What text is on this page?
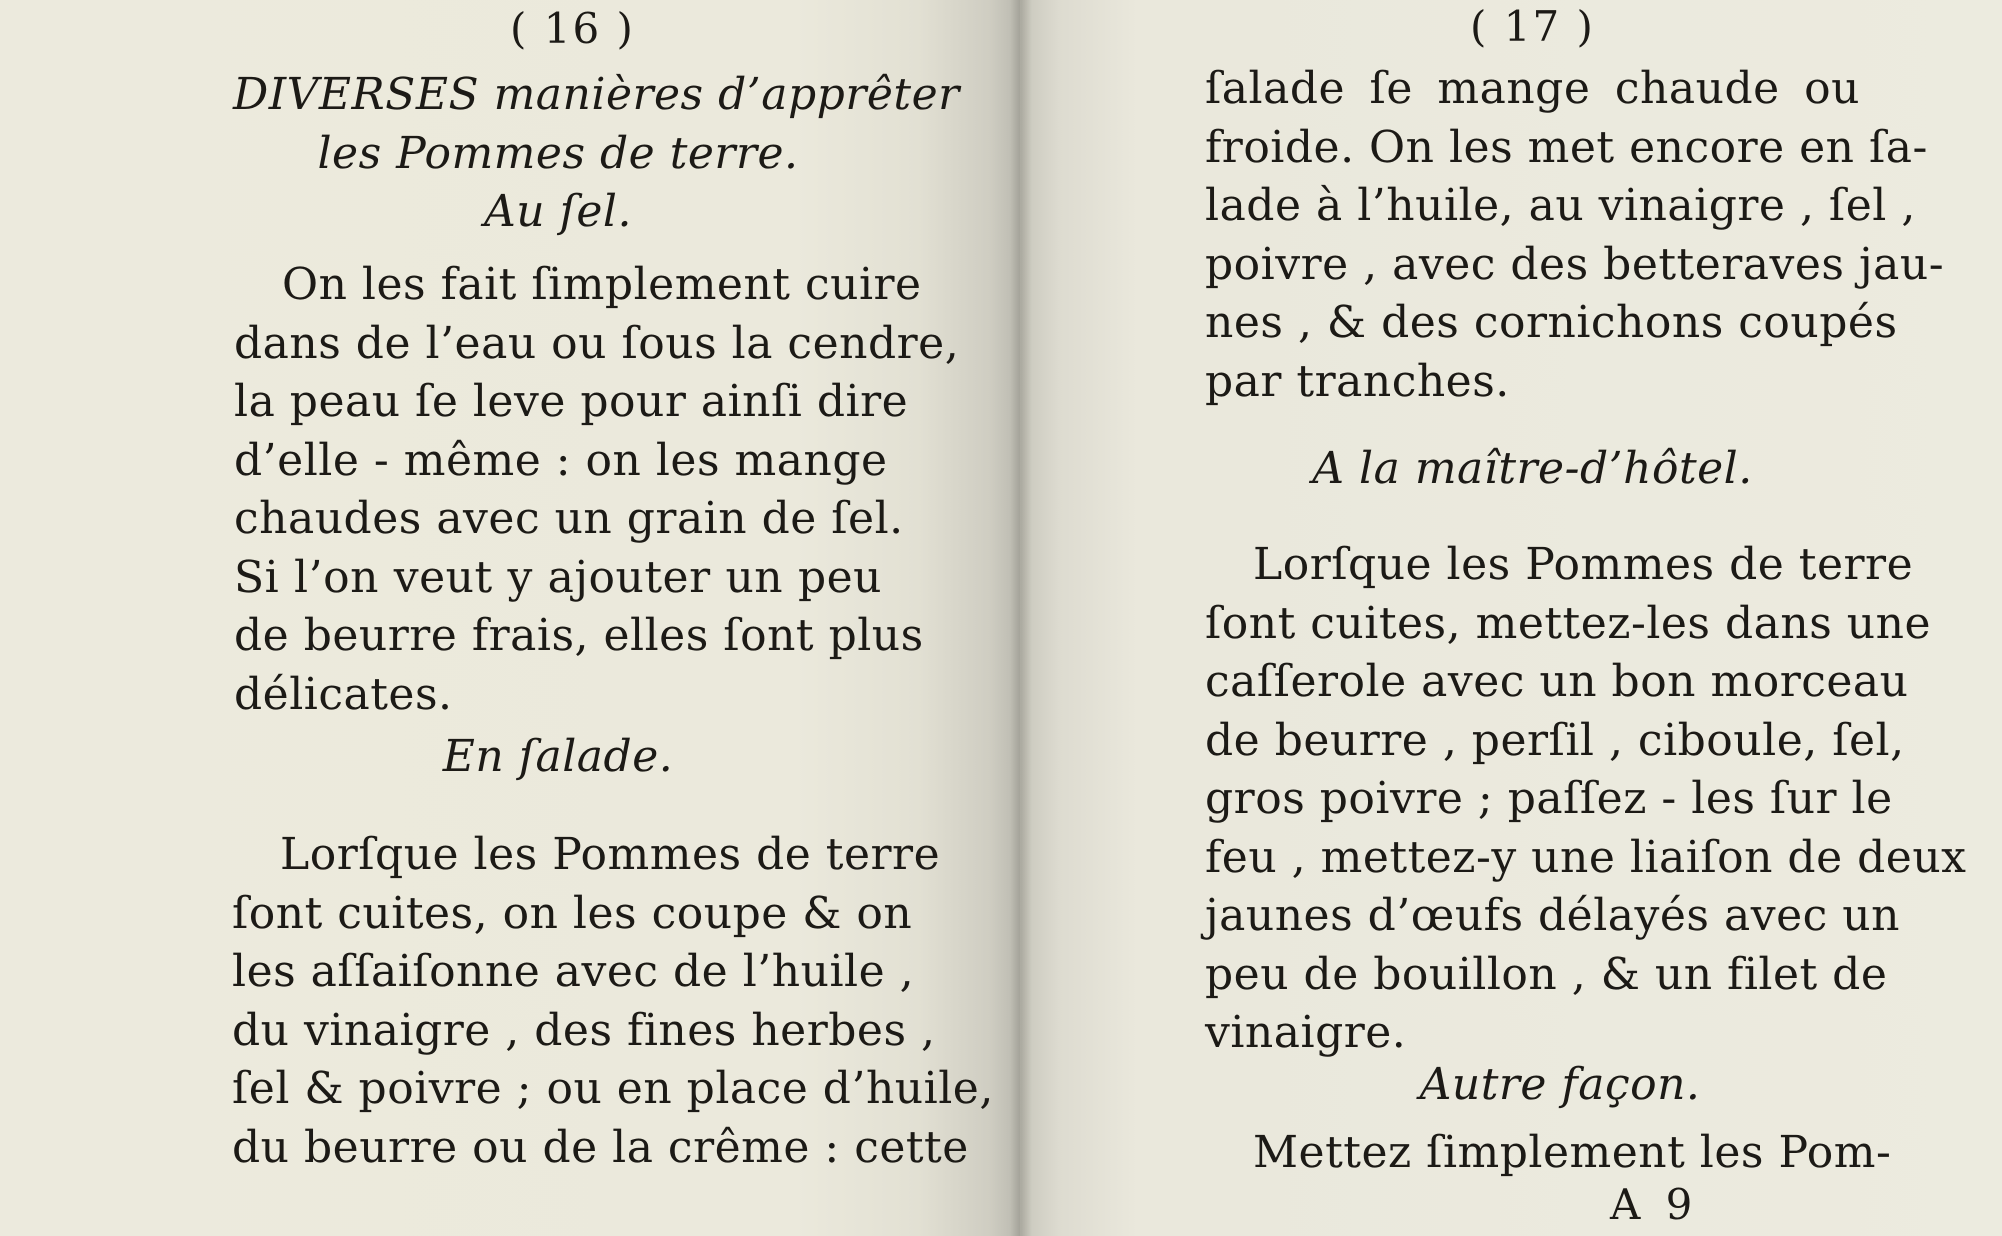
( 16 )
DIVERSES manières d’apprêter
les Pommes de terre.
Au ſel.
On les fait ſimplement cuire
dans de l’eau ou ſous la cendre,
la peau ſe leve pour ainſi dire
d’elle - même : on les mange
chaudes avec un grain de ſel.
Si l’on veut y ajouter un peu
de beurre frais, elles ſont plus
délicates.
En ſalade.
Lorſque les Pommes de terre
ſont cuites, on les coupe & on
les aſſaiſonne avec de l’huile ,
du vinaigre , des fines herbes ,
ſel & poivre ; ou en place d’huile,
du beurre ou de la crême : cette
( 17 )
ſalade ſe mange chaude ou
froide. On les met encore en ſa-
lade à l’huile, au vinaigre , ſel ,
poivre , avec des betteraves jau-
nes , & des cornichons coupés
par tranches.
A la maître-d’hôtel.
Lorſque les Pommes de terre
ſont cuites, mettez-les dans une
caſſerole avec un bon morceau
de beurre , perſil , ciboule, ſel,
gros poivre ; paſſez - les ſur le
feu , mettez-y une liaiſon de deux
jaunes d’œufs délayés avec un
peu de bouillon , & un filet de
vinaigre.
Autre façon.
Mettez ſimplement les Pom-
A 9
